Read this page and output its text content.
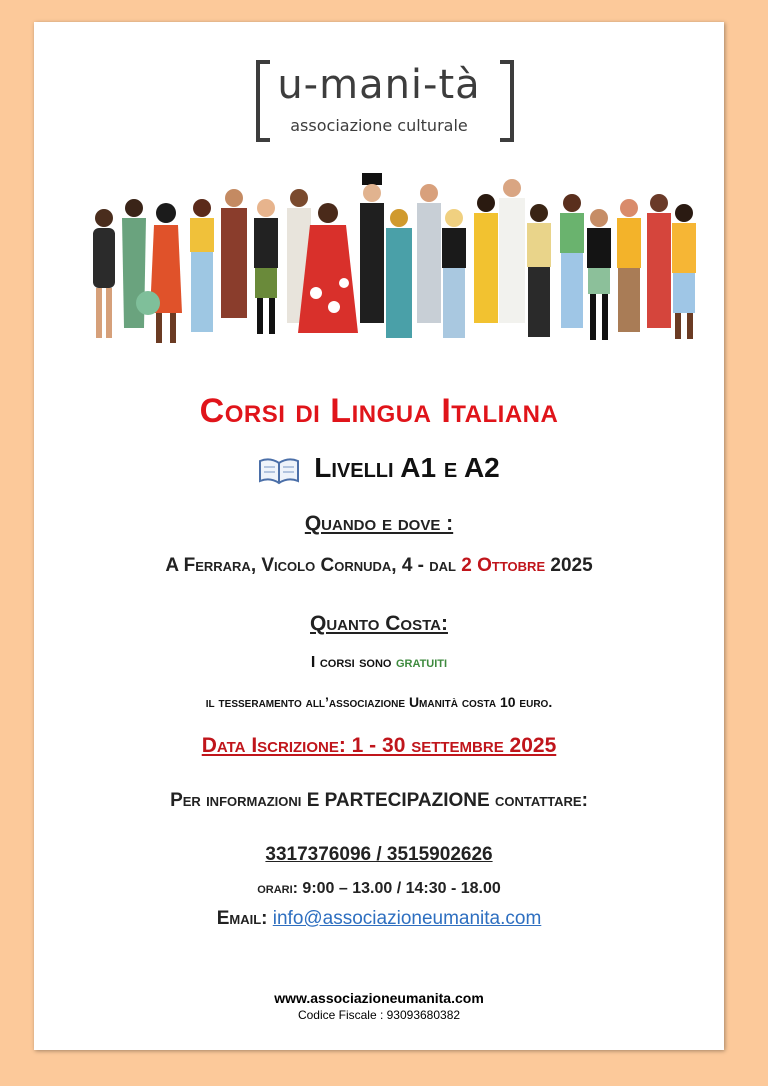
u-mani-tà
associazione culturale
Corsi di Lingua Italiana
Livelli A1 e A2
Quando e dove :
A Ferrara, Vicolo Cornuda, 4 - dal 2 Ottobre 2025
Quanto Costa:
I corsi sono gratuiti
il tesseramento all’associazione Umanità costa 10 euro.
Data Iscrizione: 1 - 30 settembre 2025
Per informazioni E PARTECIPAZIONE contattare:
3317376096 / 3515902626
orari: 9:00 – 13.00 / 14:30 - 18.00
Email: info@associazioneumanita.com
www.associazioneumanita.com
Codice Fiscale : 93093680382
